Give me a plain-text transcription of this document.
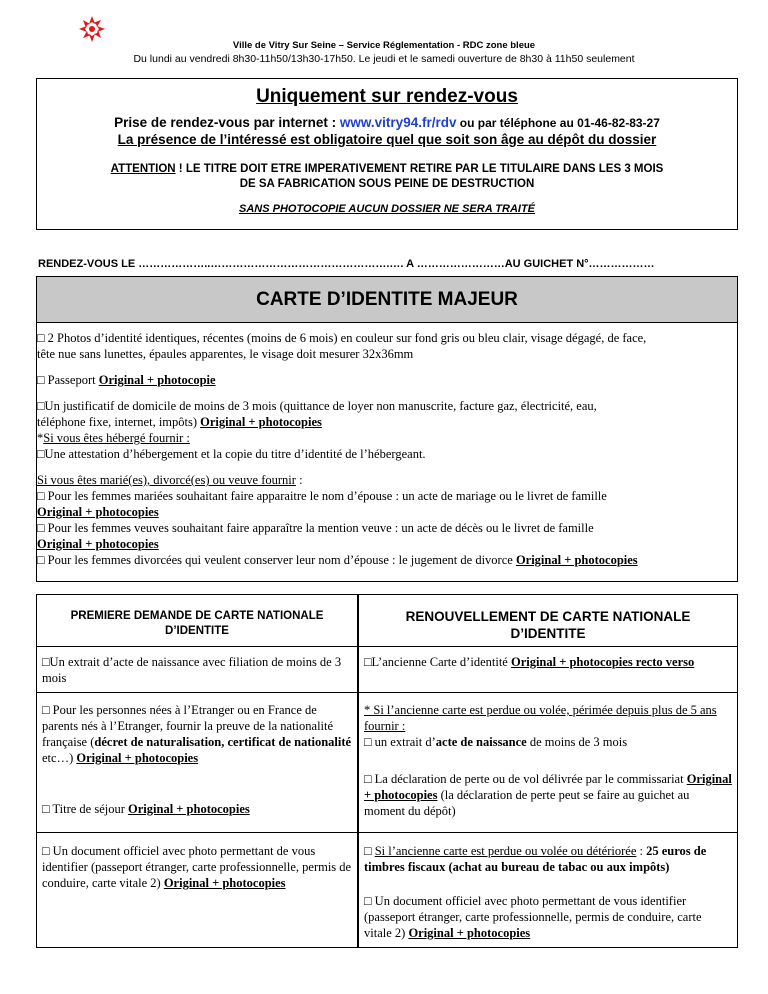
Ville de Vitry Sur Seine – Service Réglementation - RDC zone bleue
Du lundi au vendredi 8h30-11h50/13h30-17h50. Le jeudi et le samedi ouverture de 8h30 à 11h50 seulement
Uniquement sur rendez-vous
Prise de rendez-vous par internet : www.vitry94.fr/rdv ou par téléphone au 01-46-82-83-27
La présence de l’intéressé est obligatoire quel que soit son âge au dépôt du dossier
ATTENTION ! LE TITRE DOIT ETRE IMPERATIVEMENT RETIRE PAR LE TITULAIRE DANS LES 3 MOIS
DE SA FABRICATION SOUS PEINE DE DESTRUCTION
SANS PHOTOCOPIE AUCUN DOSSIER NE SERA TRAITÉ
RENDEZ-VOUS LE ………………..………………………………………….…. A ……………………AU GUICHET N°………………
CARTE D’IDENTITE MAJEUR

□ 2 Photos d’identité identiques, récentes (moins de 6 mois) en couleur sur fond gris ou bleu clair, visage dégagé, de face,
tête nue sans lunettes, épaules apparentes, le visage doit mesurer 32x36mm

□ Passeport Original + photocopie

□Un justificatif de domicile de moins de 3 mois (quittance de loyer non manuscrite, facture gaz, électricité, eau,
téléphone fixe, internet, impôts) Original + photocopies
*Si vous êtes hébergé fournir :
□Une attestation d’hébergement et la copie du titre d’identité de l’hébergeant.

Si vous êtes marié(es), divorcé(es) ou veuve fournir :
□ Pour les femmes mariées souhaitant faire apparaitre le nom d’épouse : un acte de mariage ou le livret de famille
Original + photocopies
□ Pour les femmes veuves souhaitant faire apparaître la mention veuve : un acte de décès ou le livret de famille
Original + photocopies
□ Pour les femmes divorcées qui veulent conserver leur nom d’épouse : le jugement de divorce Original + photocopies

PREMIERE DEMANDE DE CARTE NATIONALE
D’IDENTITE
□Un extrait d’acte de naissance avec filiation de moins de 3 mois
□ Pour les personnes nées à l’Etranger ou en France de parents nés à l’Etranger, fournir la preuve de la nationalité française (décret de naturalisation, certificat de nationalité etc…) Original + photocopies
□ Titre de séjour Original + photocopies
□ Un document officiel avec photo permettant de vous identifier (passeport étranger, carte professionnelle, permis de conduire, carte vitale 2) Original + photocopies
RENOUVELLEMENT DE CARTE NATIONALE
D’IDENTITE
□L’ancienne Carte d’identité Original + photocopies recto verso
* Si l’ancienne carte est perdue ou volée, périmée depuis plus de 5 ans fournir :
□ un extrait d’acte de naissance de moins de 3 mois
□ La déclaration de perte ou de vol délivrée par le commissariat Original + photocopies (la déclaration de perte peut se faire au guichet au moment du dépôt)
□ Si l’ancienne carte est perdue ou volée ou détériorée : 25 euros de timbres fiscaux (achat au bureau de tabac ou aux impôts)
□ Un document officiel avec photo permettant de vous identifier (passeport étranger, carte professionnelle, permis de conduire, carte vitale 2) Original + photocopies
